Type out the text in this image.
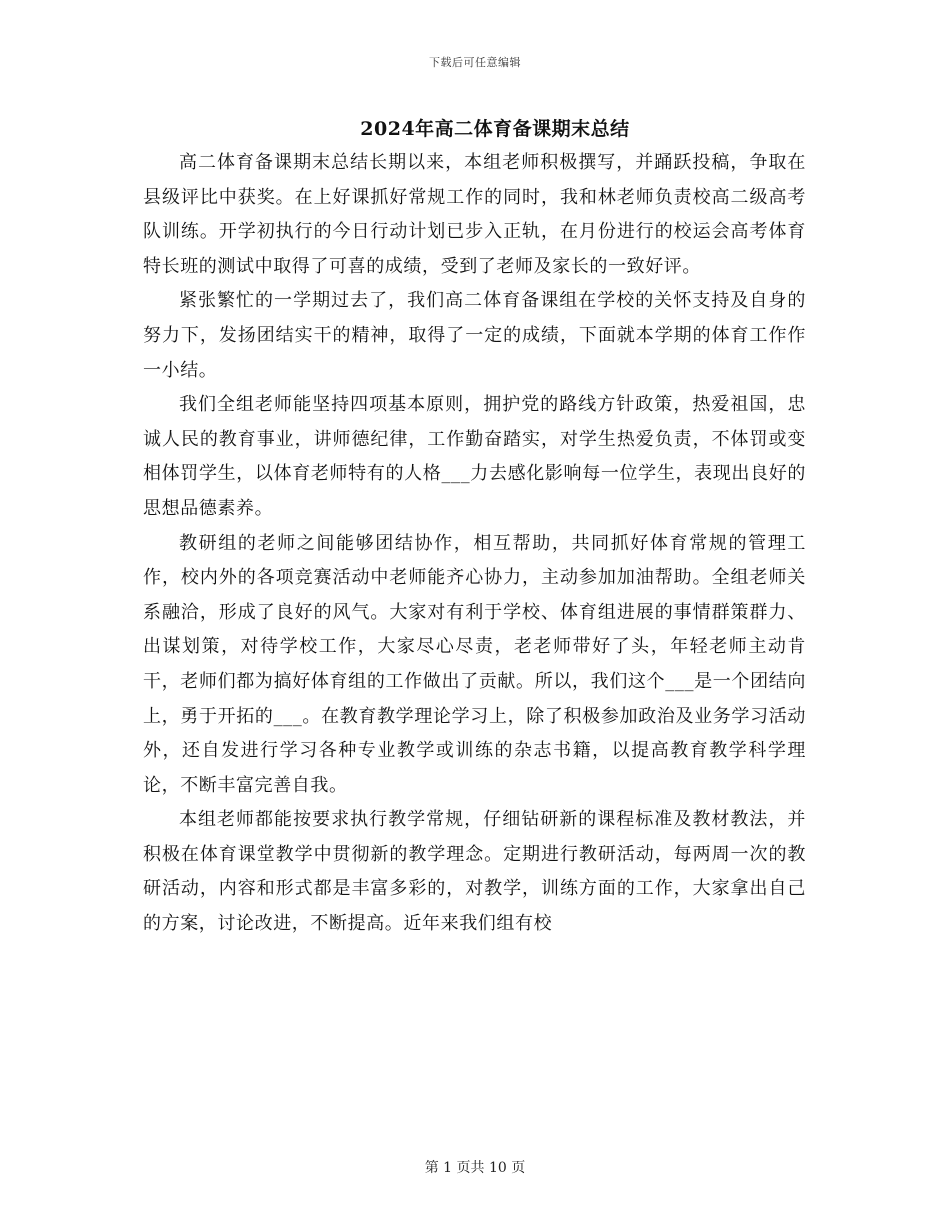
下载后可任意编辑
2024年高二体育备课期末总结

高二体育备课期末总结长期以来，本组老师积极撰写，并踊跃投稿，争取在县级评比中获奖。在上好课抓好常规工作的同时，我和林老师负责校高二级高考队训练。开学初执行的今日行动计划已步入正轨，在月份进行的校运会高考体育特长班的测试中取得了可喜的成绩，受到了老师及家长的一致好评。

紧张繁忙的一学期过去了，我们高二体育备课组在学校的关怀支持及自身的努力下，发扬团结实干的精神，取得了一定的成绩，下面就本学期的体育工作作一小结。

我们全组老师能坚持四项基本原则，拥护党的路线方针政策，热爱祖国，忠诚人民的教育事业，讲师德纪律，工作勤奋踏实，对学生热爱负责，不体罚或变相体罚学生，以体育老师特有的人格___力去感化影响每一位学生，表现出良好的思想品德素养。

教研组的老师之间能够团结协作，相互帮助，共同抓好体育常规的管理工作，校内外的各项竞赛活动中老师能齐心协力，主动参加加油帮助。全组老师关系融洽，形成了良好的风气。大家对有利于学校、体育组进展的事情群策群力、出谋划策，对待学校工作，大家尽心尽责，老老师带好了头，年轻老师主动肯干，老师们都为搞好体育组的工作做出了贡献。所以，我们这个___是一个团结向上，勇于开拓的___。在教育教学理论学习上，除了积极参加政治及业务学习活动外，还自发进行学习各种专业教学或训练的杂志书籍，以提高教育教学科学理论，不断丰富完善自我。

本组老师都能按要求执行教学常规，仔细钻研新的课程标准及教材教法，并积极在体育课堂教学中贯彻新的教学理念。定期进行教研活动，每两周一次的教研活动，内容和形式都是丰富多彩的，对教学，训练方面的工作，大家拿出自己的方案，讨论改进，不断提高。近年来我们组有校

第 1 页共 10 页
